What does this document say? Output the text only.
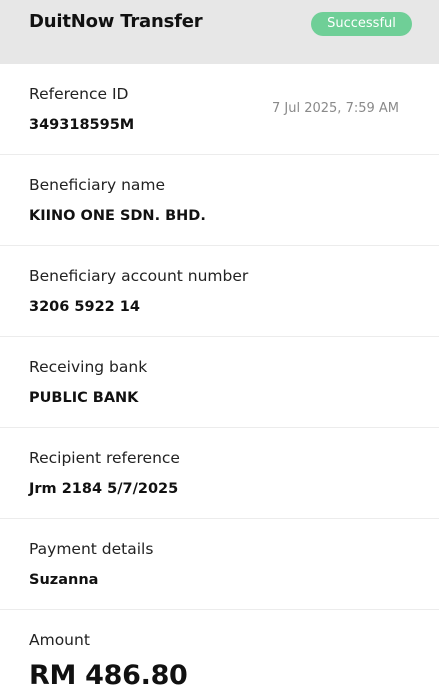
DuitNow Transfer	Successful
Reference ID
349318595M
7 Jul 2025, 7:59 AM
Beneficiary name
KIINO ONE SDN. BHD.
Beneficiary account number
3206 5922 14
Receiving bank
PUBLIC BANK
Recipient reference
Jrm 2184 5/7/2025
Payment details
Suzanna
Amount
RM 486.80
